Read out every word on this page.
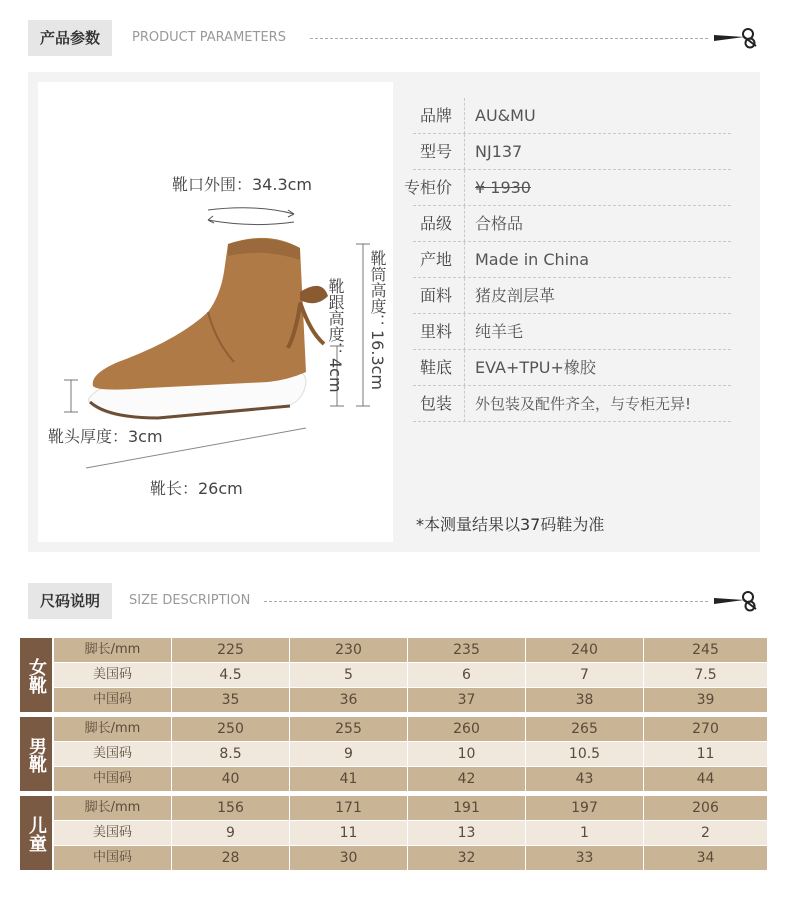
产品参数	PRODUCT PARAMETERS
靴口外围：34.3cm
靴头厚度：3cm
靴长：26cm
靴跟高度：4cm 靴筒高度：16.3cm
品牌	AU&MU
型号	NJ137
专柜价	¥ 1930
品级	合格品
产地	Made in China
面料	猪皮剖层革
里料	纯羊毛
鞋底	EVA+TPU+橡胶
包装	外包装及配件齐全，与专柜无异!
*本测量结果以37码鞋为准
尺码说明	SIZE DESCRIPTION
女靴
脚长/mm	225	230	235	240	245
美国码	4.5	5	6	7	7.5
中国码	35	36	37	38	39
男靴
脚长/mm	250	255	260	265	270
美国码	8.5	9	10	10.5	11
中国码	40	41	42	43	44
儿童
脚长/mm	156	171	191	197	206
美国码	9	11	13	1	2
中国码	28	30	32	33	34
